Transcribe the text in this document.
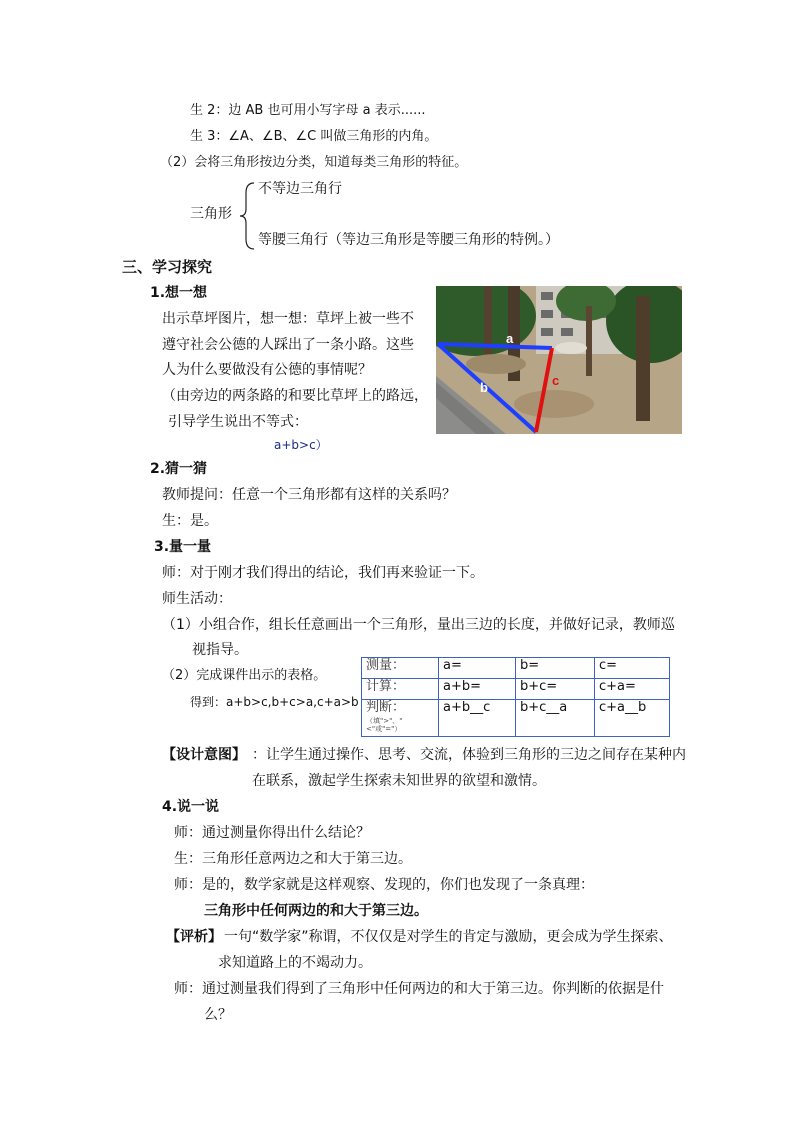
生 2：边 AB 也可用小写字母 a 表示......
生 3：∠A、∠B、∠C 叫做三角形的内角。
（2）会将三角形按边分类，知道每类三角形的特征。
三角形
不等边三角行
等腰三角行（等边三角形是等腰三角形的特例。）
三、学习探究
1.想一想
出示草坪图片，想一想：草坪上被一些不
遵守社会公德的人踩出了一条小路。这些
人为什么要做没有公德的事情呢？
（由旁边的两条路的和要比草坪上的路远，
引导学生说出不等式：
a+b>c）
a
b	c
2.猜一猜
教师提问：任意一个三角形都有这样的关系吗？
生：是。
3.量一量
师：对于刚才我们得出的结论，我们再来验证一下。
师生活动：
（1）小组合作，组长任意画出一个三角形，量出三边的长度，并做好记录，教师巡
视指导。
（2）完成课件出示的表格。
得到：a+b>c,b+c>a,c+a>b
测量：	a=	b=	c=
计算：	a+b=	b+c=	c+a=
判断：
（填">"、"<"或"="）	a+b__c	b+c__a	c+a__b
【设计意图】 ：让学生通过操作、思考、交流，体验到三角形的三边之间存在某种内
在联系，激起学生探索未知世界的欲望和激情。
4.说一说
师：通过测量你得出什么结论？
生：三角形任意两边之和大于第三边。
师：是的，数学家就是这样观察、发现的，你们也发现了一条真理：
三角形中任何两边的和大于第三边。
【评析】 一句“数学家”称谓，不仅仅是对学生的肯定与激励，更会成为学生探索、
求知道路上的不竭动力。
师：通过测量我们得到了三角形中任何两边的和大于第三边。你判断的依据是什
么？
